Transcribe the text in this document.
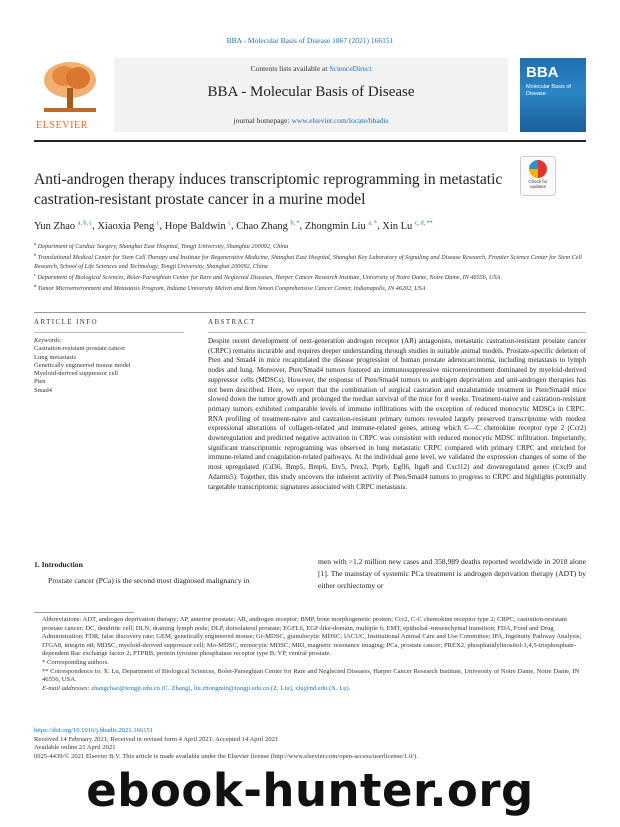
BBA - Molecular Basis of Disease 1867 (2021) 166151
ELSEVIER
Contents lists available at ScienceDirect
BBA - Molecular Basis of Disease
journal homepage: www.elsevier.com/locate/bbadis
BBA
Molecular Basis of Disease
Anti-androgen therapy induces transcriptomic reprogramming in metastatic castration-resistant prostate cancer in a murine model
Check for updates
Yun Zhao $^{a, b, c}$, Xiaoxia Peng $^c$, Hope Baldwin $^c$, Chao Zhang $^{b, *}$, Zhongmin Liu $^{a, *}$, Xin Lu $^{c, d, **}$
$^a$ Department of Cardiac Surgery, Shanghai East Hospital, Tongji University, Shanghai 200092, China
$^b$ Translational Medical Center for Stem Cell Therapy and Institute for Regenerative Medicine, Shanghai East Hospital, Shanghai Key Laboratory of Signaling and Disease Research, Frontier Science Center for Stem Cell Research, School of Life Sciences and Technology, Tongji University, Shanghai 200092, China
$^c$ Department of Biological Sciences, Boler-Parseghian Center for Rare and Neglected Diseases, Harper Cancer Research Institute, University of Notre Dame, Notre Dame, IN 46556, USA
$^d$ Tumor Microenvironment and Metastasis Program, Indiana University Melvin and Bren Simon Comprehensive Cancer Center, Indianapolis, IN 46202, USA
ARTICLE INFO
Keywords:
Castration-resistant prostate cancer
Lung metastasis
Genetically engineered mouse model
Myeloid-derived suppressor cell
Pten
Smad4
ABSTRACT
Despite recent development of next-generation androgen receptor (AR) antagonists, metastatic castration-resistant prostate cancer (CRPC) remains incurable and requires deeper understanding through studies in suitable animal models. Prostate-specific deletion of Pten and Smad4 in mice recapitulated the disease progression of human prostate adenocarcinoma, including metastasis to lymph nodes and lung. Moreover, Pten/Smad4 tumors fostered an immunosuppressive microenvironment dominated by myeloid-derived suppressor cells (MDSCs). However, the response of Pten/Smad4 tumors to androgen deprivation and anti-androgen therapies has not been described. Here, we report that the combination of surgical castration and enzalutamide treatment in Pten/Smad4 mice slowed down the tumor growth and prolonged the median survival of the mice for 8 weeks. Treatment-naive and castration-resistant primary tumors exhibited comparable levels of immune infiltrations with the exception of reduced monocytic MDSCs in CRPC. RNA profiling of treatment-naive and castration-resistant primary tumors revealed largely preserved transcriptome with modest expressional alterations of collagen-related and immune-related genes, among which C—C chemokine receptor type 2 (Ccr2) downregulation and predicted negative activation in CRPC was consistent with reduced monocytic MDSC infiltration. Importantly, significant transcriptomic reprograming was observed in lung metastatic CRPC compared with primary CRPC and enriched for immune-related and coagulation-related pathways. At the individual gene level, we validated the expression changes of some of the most upregulated (Cd36, Bmp5, Bmp6, Etv5, Prex2, Ptprb, Egfl6, Itga8 and Cxcl12) and downregulated genes (Cxcl9 and Adamts5). Together, this study uncovers the inherent activity of Pten/Smad4 tumors to progress to CRPC and highlights potentially targetable transcriptomic signatures associated with CRPC metastasis.
1. Introduction
Prostate cancer (PCa) is the second most diagnosed malignancy in
men with >1.2 million new cases and 358,989 deaths reported worldwide in 2018 alone [1]. The mainstay of systemic PCa treatment is androgen deprivation therapy (ADT) by either orchiectomy or

Abbreviations: ADT, androgen deprivation therapy; AP, anterior prostate; AR, androgen receptor; BMP, bone morphogenetic protein; Ccr2, C-C chemokine receptor type 2; CRPC, castration-resistant prostate cancer; DC, dendritic cell; DLN, draining lymph node; DLP, dorsolateral prostate; EGFL6, EGF-like-domain, multiple 6; EMT, epithelial–mesenchymal transition; FDA, Food and Drug Administration; FDR, false discovery rate; GEM, genetically engineered mouse; Gr-MDSC, granulocytic MDSC; IACUC, Institutional Animal Care and Use Committee; IPA, Ingenuity Pathway Analysis; ITGA8, integrin α8; MDSC, myeloid-derived suppressor cell; Mo-MDSC, monocytic MDSC; MRI, magnetic resonance imaging; PCa, prostate cancer; PREX2, phosphatidylinositol-3,4,5-trisphosphate-dependent Rac exchange factor 2; PTPRB, protein tyrosine phosphatase receptor type B; VP, ventral prostate.

* Corresponding authors.

** Correspondence to: X. Lu, Department of Biological Sciences, Boler-Parseghian Center for Rare and Neglected Diseases, Harper Cancer Research Institute, University of Notre Dame, Notre Dame, IN 46556, USA.

E-mail addresses: zhangchao@tongji.edu.cn (C. Zhang), liu.zhongmin@tongji.edu.cn (Z. Liu), xlu@nd.edu (X. Lu).

https://doi.org/10.1016/j.bbadis.2021.166151

Received 14 February 2021; Received in revised form 4 April 2021; Accepted 14 April 2021

Available online 21 April 2021

0925-4439/© 2021 Elsevier B.V. This article is made available under the Elsevier license (http://www.elsevier.com/open-access/userlicense/1.0/).

ebook-hunter.org
